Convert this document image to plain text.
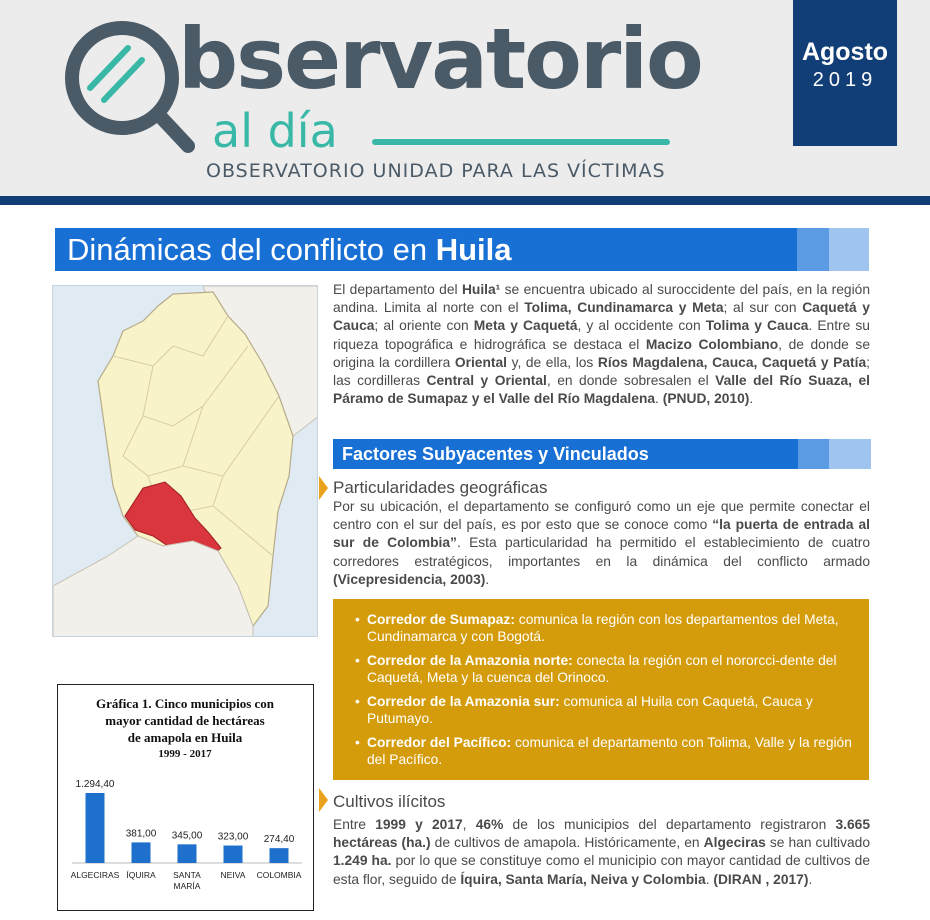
bservatorio
al día
OBSERVATORIO UNIDAD PARA LAS VÍCTIMAS
Agosto
2019
Dinámicas del conflicto en Huila
El departamento del Huila¹ se encuentra ubicado al suroccidente del país, en la región andina. Limita al norte con el Tolima, Cundinamarca y Meta; al sur con Caquetá y Cauca; al oriente con Meta y Caquetá, y al occidente con Tolima y Cauca. Entre su riqueza topográfica e hidrográfica se destaca el Macizo Colombiano, de donde se origina la cordillera Oriental y, de ella, los Ríos Magdalena, Cauca, Caquetá y Patía; las cordilleras Central y Oriental, en donde sobresalen el Valle del Río Suaza, el Páramo de Sumapaz y el Valle del Río Magdalena. (PNUD, 2010).
Factores Subyacentes y Vinculados
Particularidades geográficas
Por su ubicación, el departamento se configuró como un eje que permite conectar el centro con el sur del país, es por esto que se conoce como “la puerta de entrada al sur de Colombia”. Esta particularidad ha permitido el establecimiento de cuatro corredores estratégicos, importantes en la dinámica del conflicto armado (Vicepresidencia, 2003).
• Corredor de Sumapaz: comunica la región con los departamentos del Meta, Cundinamarca y con Bogotá.
• Corredor de la Amazonia norte: conecta la región con el nororcci-dente del Caquetá, Meta y la cuenca del Orinoco.
• Corredor de la Amazonia sur: comunica al Huila con Caquetá, Cauca y Putumayo.
• Corredor del Pacífico: comunica el departamento con Tolima, Valle y la región del Pacífico.
Cultivos ilícitos
Entre 1999 y 2017, 46% de los municipios del departamento registraron 3.665 hectáreas (ha.) de cultivos de amapola. Históricamente, en Algeciras se han cultivado 1.249 ha. por lo que se constituye como el municipio con mayor cantidad de cultivos de esta flor, seguido de Íquira, Santa María, Neiva y Colombia. (DIRAN , 2017).
Gráfica 1. Cinco municipios con
mayor cantidad de hectáreas
de amapola en Huila
1999 - 2017
1.294,40
ALGECIRAS
381,00
ÍQUIRA
345,00
SANTA
MARÍA
323,00
NEIVA
274,40
COLOMBIA
